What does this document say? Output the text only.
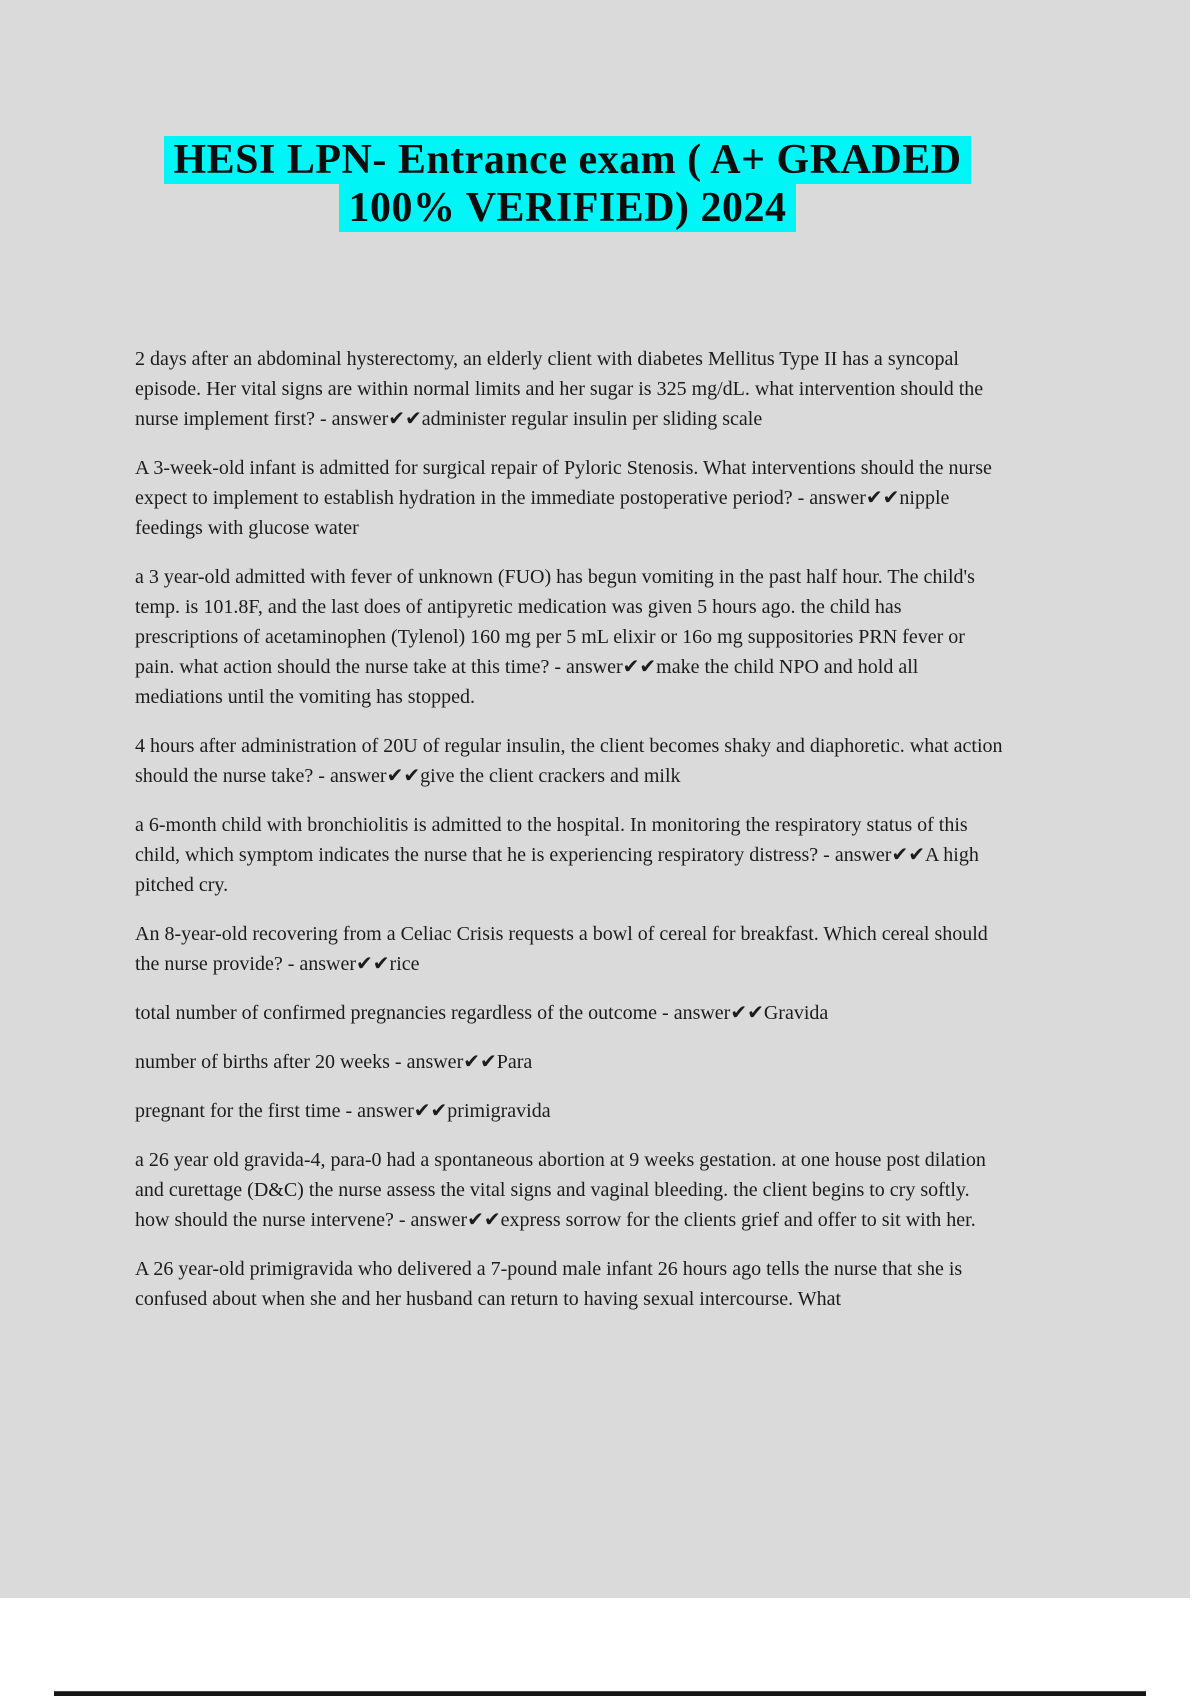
HESI LPN- Entrance exam ( A+ GRADED
100% VERIFIED) 2024

2 days after an abdominal hysterectomy, an elderly client with diabetes Mellitus Type II has a syncopal episode. Her vital signs are within normal limits and her sugar is 325 mg/dL. what intervention should the nurse implement first? - answer✔✔administer regular insulin per sliding scale

A 3-week-old infant is admitted for surgical repair of Pyloric Stenosis. What interventions should the nurse expect to implement to establish hydration in the immediate postoperative period? - answer✔✔nipple feedings with glucose water

a 3 year-old admitted with fever of unknown (FUO) has begun vomiting in the past half hour. The child's temp. is 101.8F, and the last does of antipyretic medication was given 5 hours ago. the child has prescriptions of acetaminophen (Tylenol) 160 mg per 5 mL elixir or 16o mg suppositories PRN fever or pain. what action should the nurse take at this time? - answer✔✔make the child NPO and hold all mediations until the vomiting has stopped.

4 hours after administration of 20U of regular insulin, the client becomes shaky and diaphoretic. what action should the nurse take? - answer✔✔give the client crackers and milk

a 6-month child with bronchiolitis is admitted to the hospital. In monitoring the respiratory status of this child, which symptom indicates the nurse that he is experiencing respiratory distress? - answer✔✔A high pitched cry.

An 8-year-old recovering from a Celiac Crisis requests a bowl of cereal for breakfast. Which cereal should the nurse provide? - answer✔✔rice

total number of confirmed pregnancies regardless of the outcome - answer✔✔Gravida

number of births after 20 weeks - answer✔✔Para

pregnant for the first time - answer✔✔primigravida

a 26 year old gravida-4, para-0 had a spontaneous abortion at 9 weeks gestation. at one house post dilation and curettage (D&C) the nurse assess the vital signs and vaginal bleeding. the client begins to cry softly. how should the nurse intervene? - answer✔✔express sorrow for the clients grief and offer to sit with her.

A 26 year-old primigravida who delivered a 7-pound male infant 26 hours ago tells the nurse that she is confused about when she and her husband can return to having sexual intercourse. What
